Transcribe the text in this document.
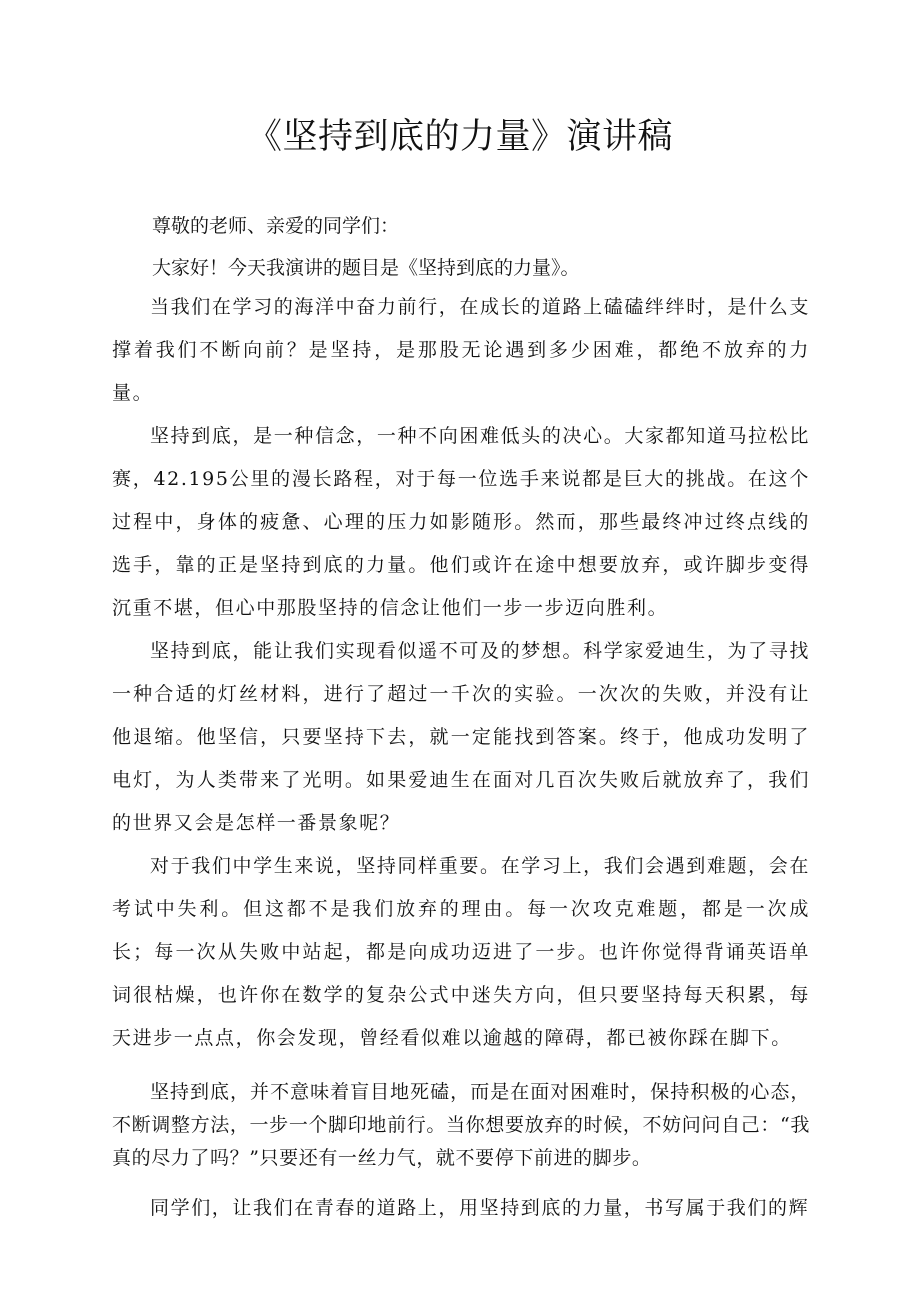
《坚持到底的力量》演讲稿

尊敬的老师、亲爱的同学们：

大家好！今天我演讲的题目是《坚持到底的力量》。

当我们在学习的海洋中奋力前行，在成长的道路上磕磕绊绊时，是什么支撑着我们不断向前？是坚持，是那股无论遇到多少困难，都绝不放弃的力量。

坚持到底，是一种信念，一种不向困难低头的决心。大家都知道马拉松比赛，42.195公里的漫长路程，对于每一位选手来说都是巨大的挑战。在这个过程中，身体的疲惫、心理的压力如影随形。然而，那些最终冲过终点线的选手，靠的正是坚持到底的力量。他们或许在途中想要放弃，或许脚步变得沉重不堪，但心中那股坚持的信念让他们一步一步迈向胜利。

坚持到底，能让我们实现看似遥不可及的梦想。科学家爱迪生，为了寻找一种合适的灯丝材料，进行了超过一千次的实验。一次次的失败，并没有让他退缩。他坚信，只要坚持下去，就一定能找到答案。终于，他成功发明了电灯，为人类带来了光明。如果爱迪生在面对几百次失败后就放弃了，我们的世界又会是怎样一番景象呢？

对于我们中学生来说，坚持同样重要。在学习上，我们会遇到难题，会在考试中失利。但这都不是我们放弃的理由。每一次攻克难题，都是一次成长；每一次从失败中站起，都是向成功迈进了一步。也许你觉得背诵英语单词很枯燥，也许你在数学的复杂公式中迷失方向，但只要坚持每天积累，每天进步一点点，你会发现，曾经看似难以逾越的障碍，都已被你踩在脚下。

坚持到底，并不意味着盲目地死磕，而是在面对困难时，保持积极的心态，不断调整方法，一步一个脚印地前行。当你想要放弃的时候，不妨问问自己：“我真的尽力了吗？”只要还有一丝力气，就不要停下前进的脚步。

同学们，让我们在青春的道路上，用坚持到底的力量，书写属于我们的辉
